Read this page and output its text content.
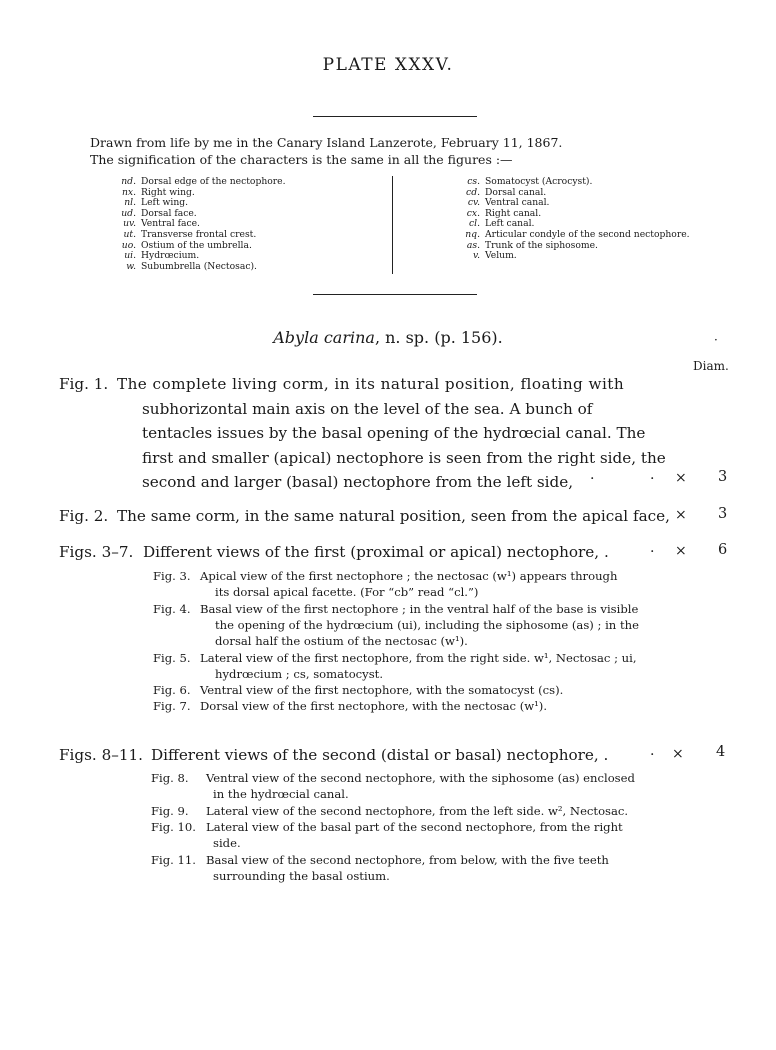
PLATE XXXV.
Drawn from life by me in the Canary Island Lanzerote, February 11, 1867.
The signification of the characters is the same in all the figures :—
nd. Dorsal edge of the nectophore.
nx. Right wing.
nl. Left wing.
ud. Dorsal face.
uv. Ventral face.
ut. Transverse frontal crest.
uo. Ostium of the umbrella.
ui. Hydrœcium.
w. Subumbrella (Nectosac).
cs. Somatocyst (Acrocyst).
cd. Dorsal canal.
cv. Ventral canal.
cx. Right canal.
cl. Left canal.
nq. Articular condyle of the second nectophore.
as. Trunk of the siphosome.
v. Velum.
Abyla carina, n. sp. (p. 156).	·
Diam.
Fig. 1. The complete living corm, in its natural position, floating with
subhorizontal main axis on the level of the sea. A bunch of
tentacles issues by the basal opening of the hydrœcial canal. The
first and smaller (apical) nectophore is seen from the right side, the
second and larger (basal) nectophore from the left side,	.	. × 3
Fig. 2. The same corm, in the same natural position, seen from the apical face, × 3
Figs. 3–7. Different views of the first (proximal or apical) nectophore, .	. × 6
Fig. 3. Apical view of the first nectophore ; the nectosac (w¹) appears through
its dorsal apical facette. (For “cb” read “cl.”)
Fig. 4. Basal view of the first nectophore ; in the ventral half of the base is visible
the opening of the hydrœcium (ui), including the siphosome (as) ; in the
dorsal half the ostium of the nectosac (w¹).
Fig. 5. Lateral view of the first nectophore, from the right side. w¹, Nectosac ; ui,
hydrœcium ; cs, somatocyst.
Fig. 6. Ventral view of the first nectophore, with the somatocyst (cs).
Fig. 7. Dorsal view of the first nectophore, with the nectosac (w¹).
Figs. 8–11. Different views of the second (distal or basal) nectophore, .	. × 4
Fig. 8. Ventral view of the second nectophore, with the siphosome (as) enclosed
in the hydrœcial canal.
Fig. 9. Lateral view of the second nectophore, from the left side. w², Nectosac.
Fig. 10. Lateral view of the basal part of the second nectophore, from the right
side.
Fig. 11. Basal view of the second nectophore, from below, with the five teeth
surrounding the basal ostium.
